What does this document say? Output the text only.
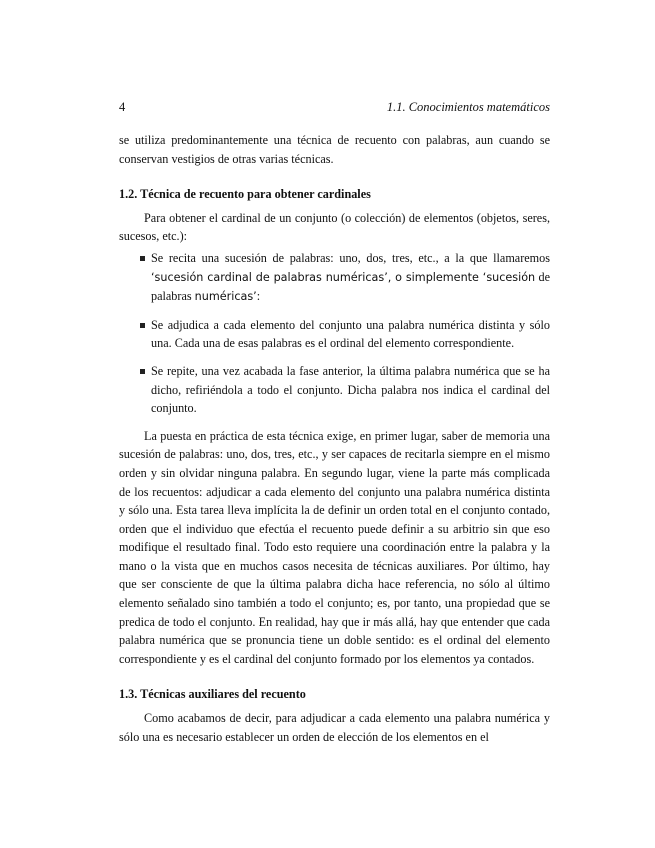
4	1.1. Conocimientos matemáticos

se utiliza predominantemente una técnica de recuento con palabras, aun cuando se conservan vestigios de otras varias técnicas.

1.2. Técnica de recuento para obtener cardinales

Para obtener el cardinal de un conjunto (o colección) de elementos (objetos, seres, sucesos, etc.):

Se recita una sucesión de palabras: uno, dos, tres, etc., a la que llamaremos ‘sucesión cardinal de palabras numéricas’, o simplemente ‘sucesión de palabras numéricas’:
Se adjudica a cada elemento del conjunto una palabra numérica distinta y sólo una. Cada una de esas palabras es el ordinal del elemento correspondiente.
Se repite, una vez acabada la fase anterior, la última palabra numérica que se ha dicho, refiriéndola a todo el conjunto. Dicha palabra nos indica el cardinal del conjunto.

La puesta en práctica de esta técnica exige, en primer lugar, saber de memoria una sucesión de palabras: uno, dos, tres, etc., y ser capaces de recitarla siempre en el mismo orden y sin olvidar ninguna palabra. En segundo lugar, viene la parte más complicada de los recuentos: adjudicar a cada elemento del conjunto una palabra numérica distinta y sólo una. Esta tarea lleva implícita la de definir un orden total en el conjunto contado, orden que el individuo que efectúa el recuento puede definir a su arbitrio sin que eso modifique el resultado final. Todo esto requiere una coordinación entre la palabra y la mano o la vista que en muchos casos necesita de técnicas auxiliares. Por último, hay que ser consciente de que la última palabra dicha hace referencia, no sólo al último elemento señalado sino también a todo el conjunto; es, por tanto, una propiedad que se predica de todo el conjunto. En realidad, hay que ir más allá, hay que entender que cada palabra numérica que se pronuncia tiene un doble sentido: es el ordinal del elemento correspondiente y es el cardinal del conjunto formado por los elementos ya contados.

1.3. Técnicas auxiliares del recuento

Como acabamos de decir, para adjudicar a cada elemento una palabra numérica y sólo una es necesario establecer un orden de elección de los elementos en el
